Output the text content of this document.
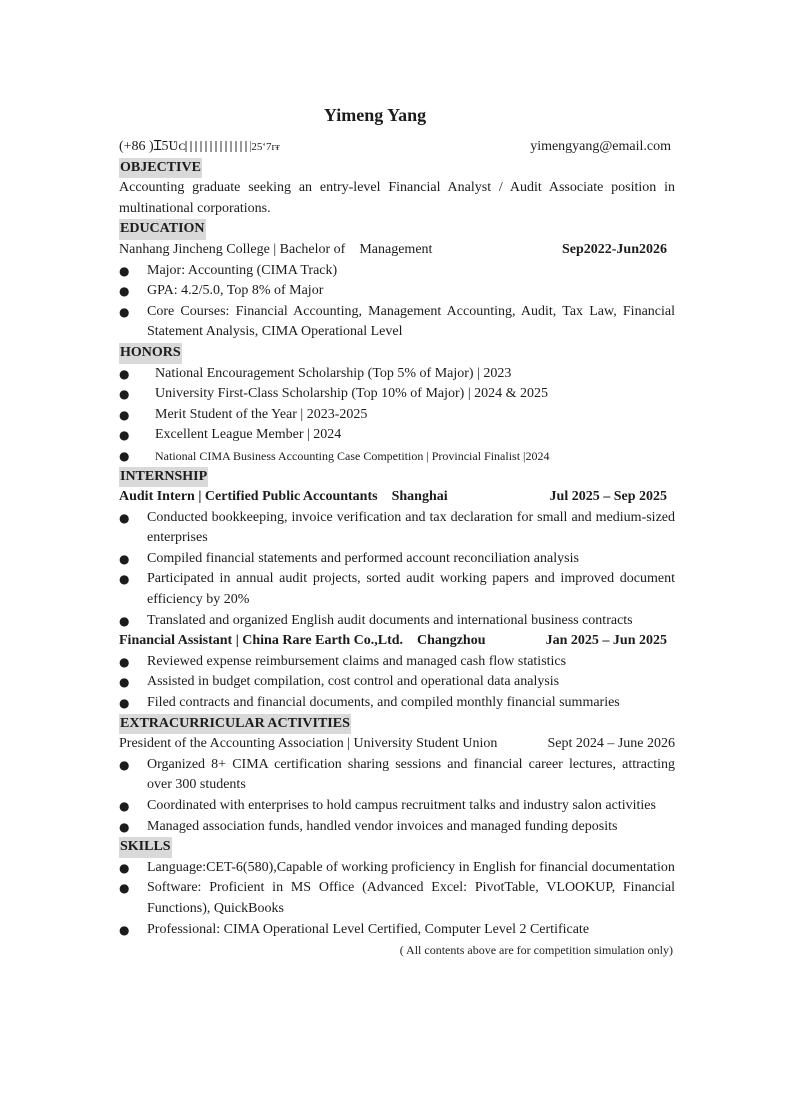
Yimeng Yang
(+86 )Ɪ5Ʋᴄ	25ʻ7ᴦᵲ	yimengyang@email.com
OBJECTIVE
Accounting graduate seeking an entry-level Financial Analyst / Audit Associate position in multinational corporations.
EDUCATION
Nanhang Jincheng College | Bachelor of    Management	Sep2022-Jun2026
● Major: Accounting (CIMA Track)
● GPA: 4.2/5.0, Top 8% of Major
● Core Courses: Financial Accounting, Management Accounting, Audit, Tax Law, Financial Statement Analysis, CIMA Operational Level
HONORS
● National Encouragement Scholarship (Top 5% of Major) | 2023
● University First-Class Scholarship (Top 10% of Major) | 2024 & 2025
● Merit Student of the Year | 2023-2025
● Excellent League Member | 2024
● National CIMA Business Accounting Case Competition | Provincial Finalist |2024
INTERNSHIP
Audit Intern | Certified Public Accountants    Shanghai	Jul 2025 – Sep 2025
● Conducted bookkeeping, invoice verification and tax declaration for small and medium-sized enterprises
● Compiled financial statements and performed account reconciliation analysis
● Participated in annual audit projects, sorted audit working papers and improved document efficiency by 20%
● Translated and organized English audit documents and international business contracts
Financial Assistant | China Rare Earth Co.,Ltd.    Changzhou	Jan 2025 – Jun 2025
● Reviewed expense reimbursement claims and managed cash flow statistics
● Assisted in budget compilation, cost control and operational data analysis
● Filed contracts and financial documents, and compiled monthly financial summaries
EXTRACURRICULAR ACTIVITIES
President of the Accounting Association | University Student Union	Sept 2024 – June 2026
● Organized 8+ CIMA certification sharing sessions and financial career lectures, attracting over 300 students
● Coordinated with enterprises to hold campus recruitment talks and industry salon activities
● Managed association funds, handled vendor invoices and managed funding deposits
SKILLS
● Language:CET-6(580),Capable of working proficiency in English for financial documentation
● Software: Proficient in MS Office (Advanced Excel: PivotTable, VLOOKUP, Financial Functions), QuickBooks
● Professional: CIMA Operational Level Certified, Computer Level 2 Certificate
( All contents above are for competition simulation only)
